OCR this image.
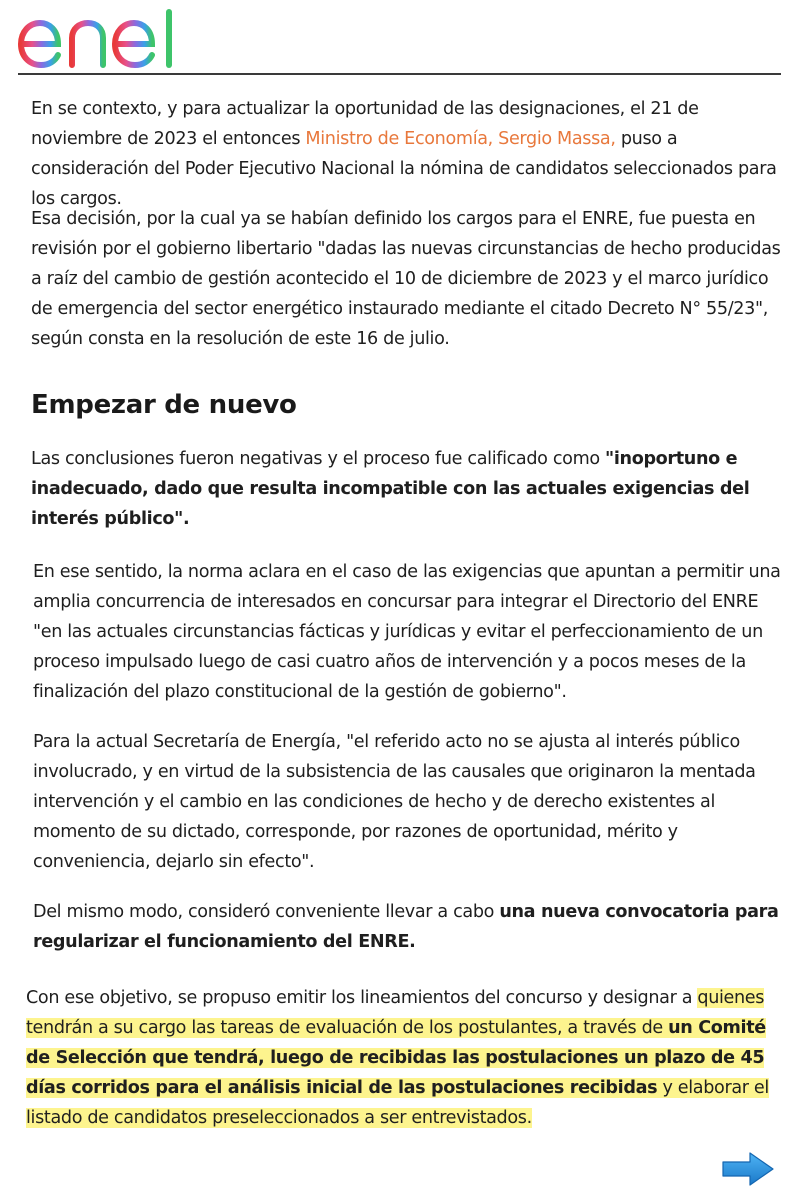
En se contexto, y para actualizar la oportunidad de las designaciones, el 21 de noviembre de 2023 el entonces Ministro de Economía, Sergio Massa, puso a consideración del Poder Ejecutivo Nacional la nómina de candidatos seleccionados para los cargos.

Esa decisión, por la cual ya se habían definido los cargos para el ENRE, fue puesta en revisión por el gobierno libertario "dadas las nuevas circunstancias de hecho producidas a raíz del cambio de gestión acontecido el 10 de diciembre de 2023 y el marco jurídico de emergencia del sector energético instaurado mediante el citado Decreto N° 55/23", según consta en la resolución de este 16 de julio.

Empezar de nuevo

Las conclusiones fueron negativas y el proceso fue calificado como "inoportuno e inadecuado, dado que resulta incompatible con las actuales exigencias del interés público".

En ese sentido, la norma aclara en el caso de las exigencias que apuntan a permitir una amplia concurrencia de interesados en concursar para integrar el Directorio del ENRE "en las actuales circunstancias fácticas y jurídicas y evitar el perfeccionamiento de un proceso impulsado luego de casi cuatro años de intervención y a pocos meses de la finalización del plazo constitucional de la gestión de gobierno".

Para la actual Secretaría de Energía, "el referido acto no se ajusta al interés público involucrado, y en virtud de la subsistencia de las causales que originaron la mentada intervención y el cambio en las condiciones de hecho y de derecho existentes al momento de su dictado, corresponde, por razones de oportunidad, mérito y conveniencia, dejarlo sin efecto".

Del mismo modo, consideró conveniente llevar a cabo una nueva convocatoria para regularizar el funcionamiento del ENRE.

Con ese objetivo, se propuso emitir los lineamientos del concurso y designar a quienes tendrán a su cargo las tareas de evaluación de los postulantes, a través de un Comité de Selección que tendrá, luego de recibidas las postulaciones un plazo de 45 días corridos para el análisis inicial de las postulaciones recibidas y elaborar el listado de candidatos preseleccionados a ser entrevistados.
